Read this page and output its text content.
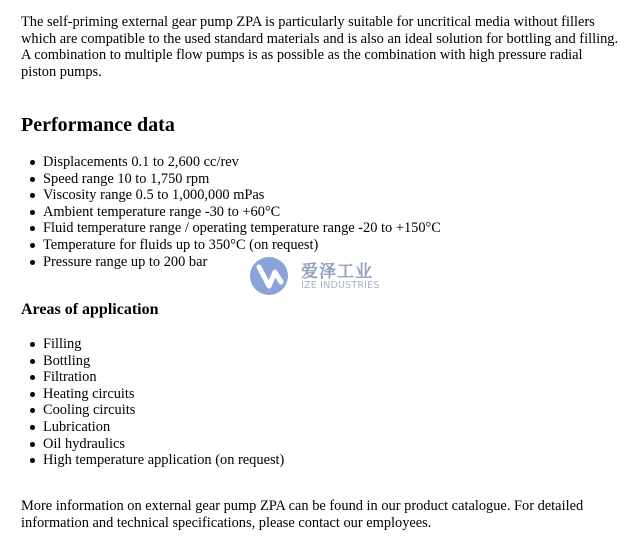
The self-priming external gear pump ZPA is particularly suitable for uncritical media without fillers which are compatible to the used standard materials and is also an ideal solution for bottling and filling. A combination to multiple flow pumps is as possible as the combination with high pressure radial piston pumps.

Performance data
Displacements 0.1 to 2,600 cc/rev
Speed range 10 to 1,750 rpm
Viscosity range 0.5 to 1,000,000 mPas
Ambient temperature range -30 to +60°C
Fluid temperature range / operating temperature range -20 to +150°C
Temperature for fluids up to 350°C (on request)
Pressure range up to 200 bar
Areas of application
Filling
Bottling
Filtration
Heating circuits
Cooling circuits
Lubrication
Oil hydraulics
High temperature application (on request)

More information on external gear pump ZPA can be found in our product catalogue. For detailed information and technical specifications, please contact our employees.

爱泽工业
IZE INDUSTRIES
